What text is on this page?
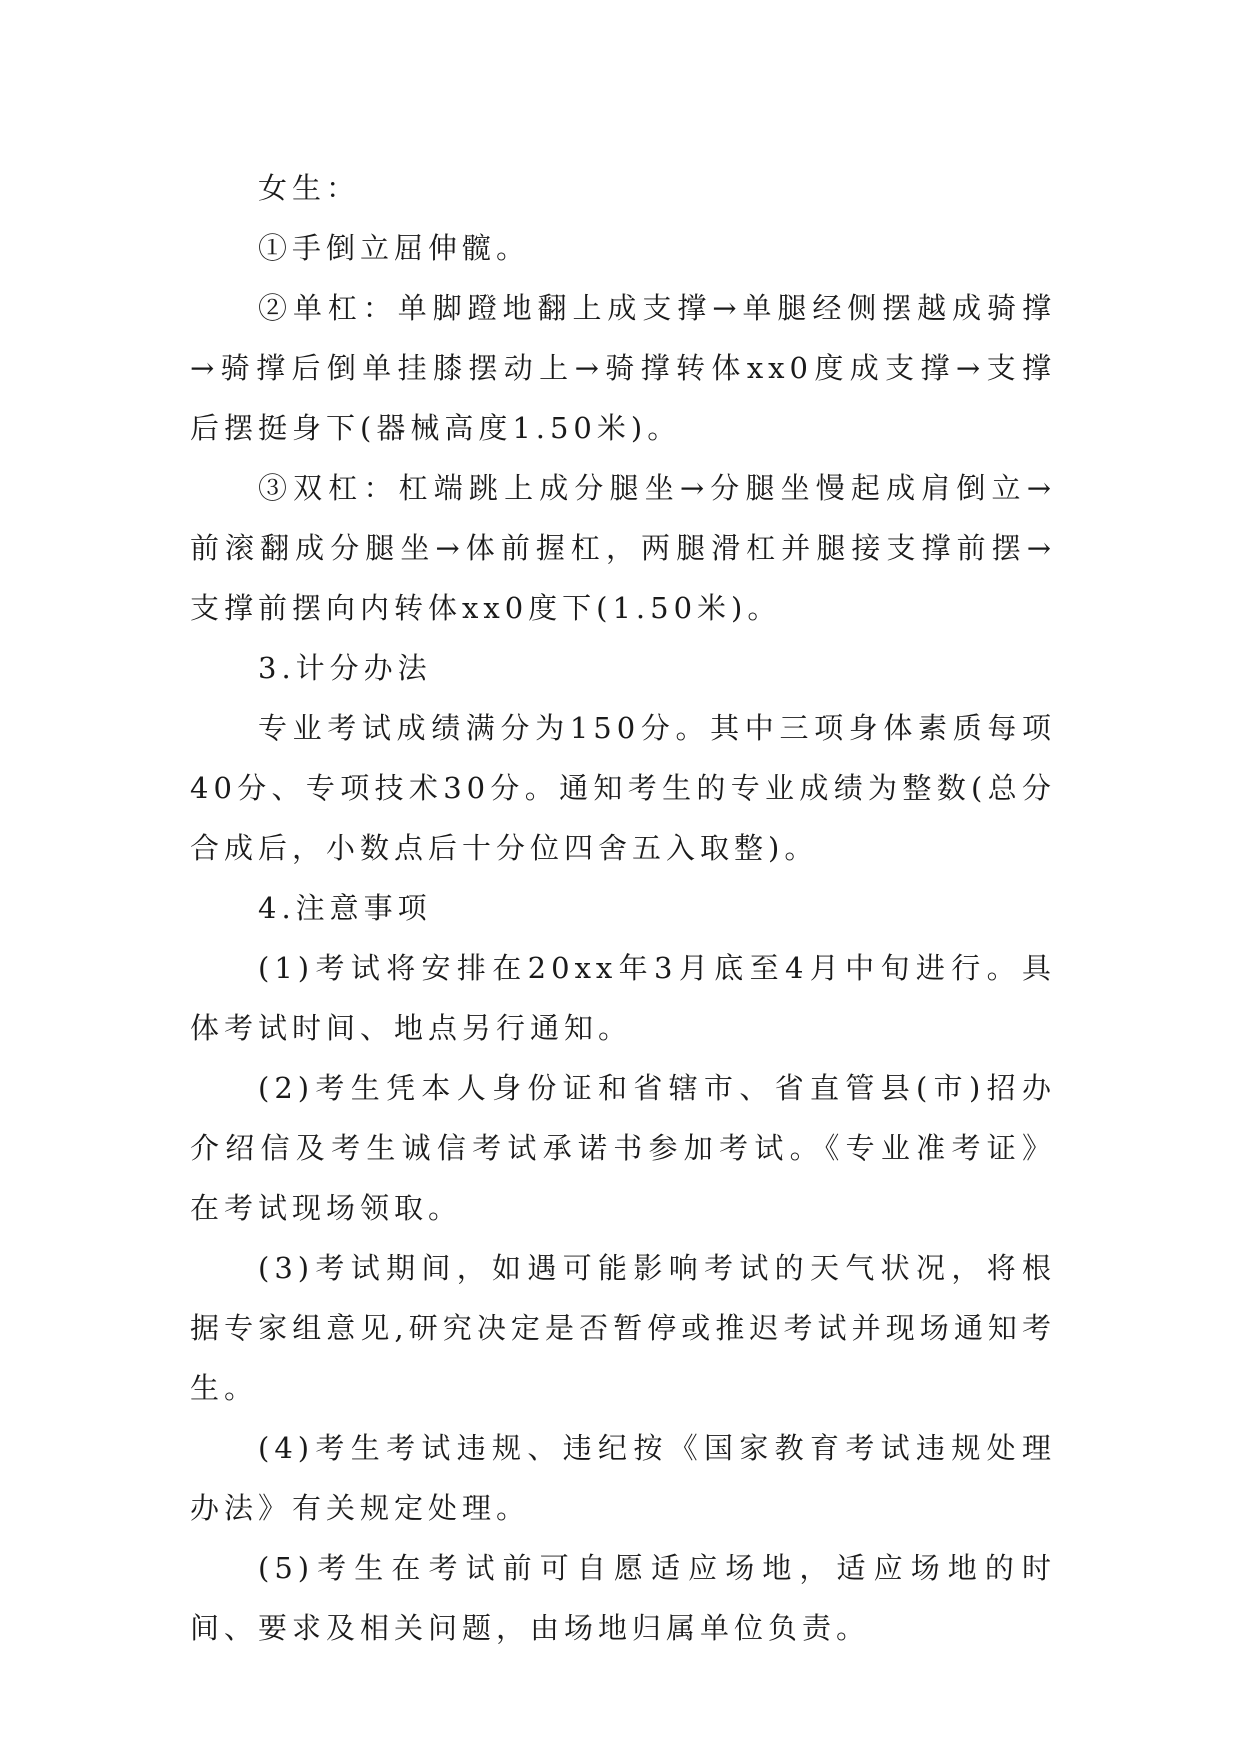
女生：

①手倒立屈伸髋。

②单杠：单脚蹬地翻上成支撑→单腿经侧摆越成骑撑→骑撑后倒单挂膝摆动上→骑撑转体xx0度成支撑→支撑后摆挺身下(器械高度1.50米)。

③双杠：杠端跳上成分腿坐→分腿坐慢起成肩倒立→前滚翻成分腿坐→体前握杠，两腿滑杠并腿接支撑前摆→支撑前摆向内转体xx0度下(1.50米)。

3.计分办法

专业考试成绩满分为150分。其中三项身体素质每项40分、专项技术30分。通知考生的专业成绩为整数(总分合成后，小数点后十分位四舍五入取整)。

4.注意事项

(1)考试将安排在20xx年3月底至4月中旬进行。具体考试时间、地点另行通知。

(2)考生凭本人身份证和省辖市、省直管县(市)招办介绍信及考生诚信考试承诺书参加考试。《专业准考证》在考试现场领取。

(3)考试期间，如遇可能影响考试的天气状况，将根据专家组意见,研究决定是否暂停或推迟考试并现场通知考生。

(4)考生考试违规、违纪按《国家教育考试违规处理办法》有关规定处理。

(5)考生在考试前可自愿适应场地，适应场地的时间、要求及相关问题，由场地归属单位负责。
